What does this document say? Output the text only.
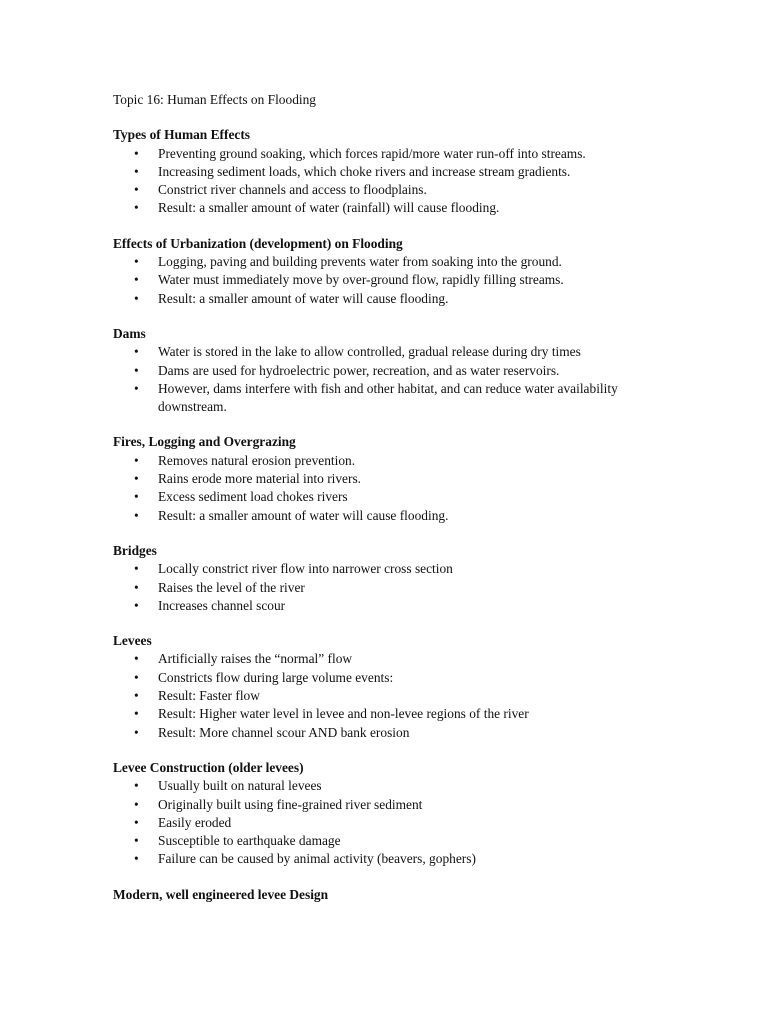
Topic 16: Human Effects on Flooding
Types of Human Effects
• Preventing ground soaking, which forces rapid/more water run-off into streams.
• Increasing sediment loads, which choke rivers and increase stream gradients.
• Constrict river channels and access to floodplains.
• Result: a smaller amount of water (rainfall) will cause flooding.
Effects of Urbanization (development) on Flooding
• Logging, paving and building prevents water from soaking into the ground.
• Water must immediately move by over-ground flow, rapidly filling streams.
• Result: a smaller amount of water will cause flooding.
Dams
• Water is stored in the lake to allow controlled, gradual release during dry times
• Dams are used for hydroelectric power, recreation, and as water reservoirs.
• However, dams interfere with fish and other habitat, and can reduce water availability downstream.
Fires, Logging and Overgrazing
• Removes natural erosion prevention.
• Rains erode more material into rivers.
• Excess sediment load chokes rivers
• Result: a smaller amount of water will cause flooding.
Bridges
• Locally constrict river flow into narrower cross section
• Raises the level of the river
• Increases channel scour
Levees
• Artificially raises the “normal” flow
• Constricts flow during large volume events:
• Result: Faster flow
• Result: Higher water level in levee and non-levee regions of the river
• Result: More channel scour AND bank erosion
Levee Construction (older levees)
• Usually built on natural levees
• Originally built using fine-grained river sediment
• Easily eroded
• Susceptible to earthquake damage
• Failure can be caused by animal activity (beavers, gophers)
Modern, well engineered levee Design
